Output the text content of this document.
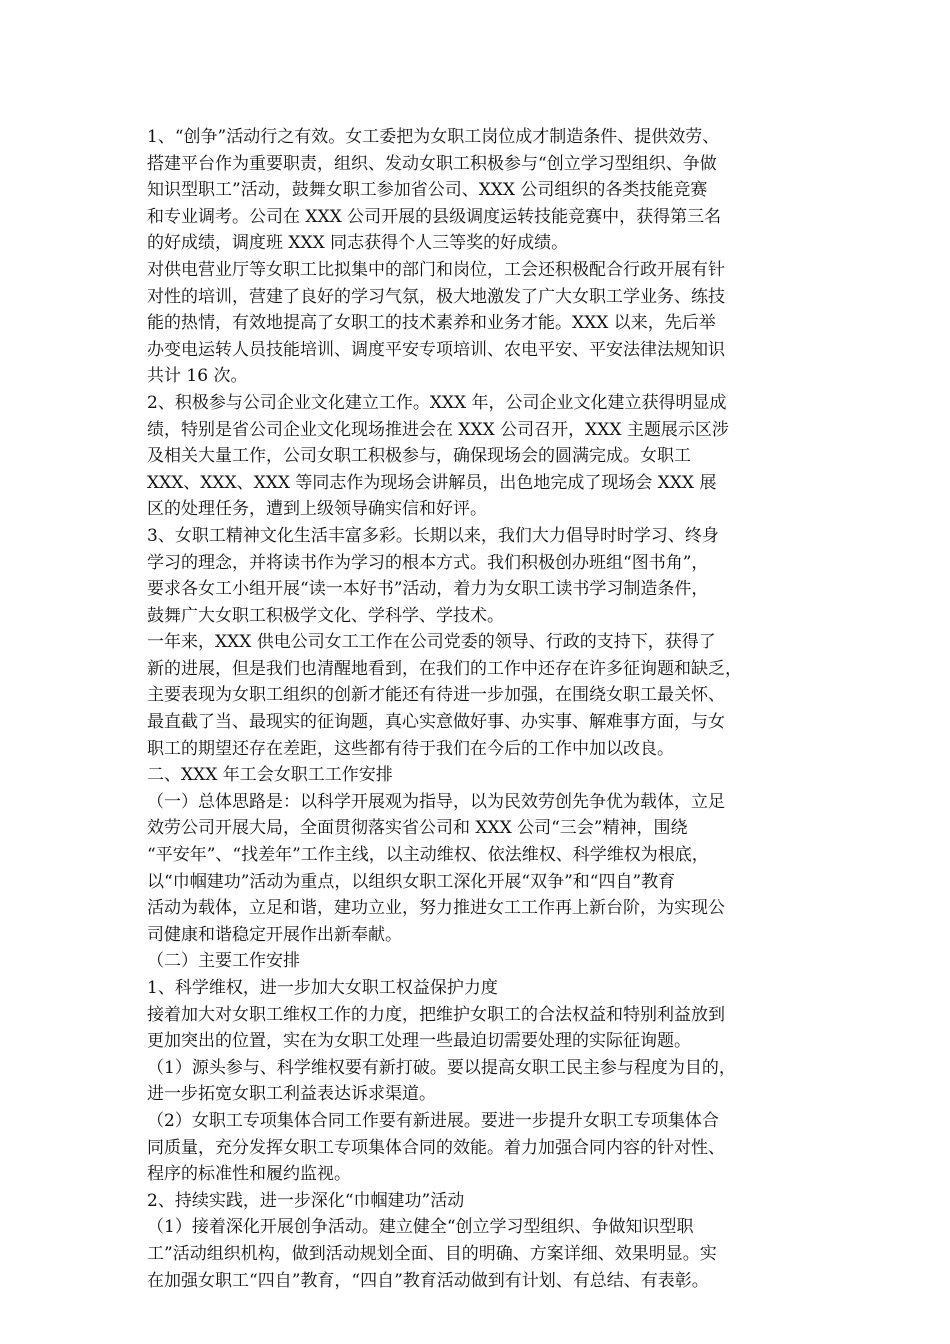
1、“创争”活动行之有效。女工委把为女职工岗位成才制造条件、提供效劳、
搭建平台作为重要职责，组织、发动女职工积极参与“创立学习型组织、争做
知识型职工”活动，鼓舞女职工参加省公司、XXX 公司组织的各类技能竞赛
和专业调考。公司在 XXX 公司开展的县级调度运转技能竞赛中，获得第三名
的好成绩，调度班 XXX 同志获得个人三等奖的好成绩。
对供电营业厅等女职工比拟集中的部门和岗位，工会还积极配合行政开展有针
对性的培训，营建了良好的学习气氛，极大地激发了广大女职工学业务、练技
能的热情，有效地提高了女职工的技术素养和业务才能。XXX 以来，先后举
办变电运转人员技能培训、调度平安专项培训、农电平安、平安法律法规知识
共计 16 次。
2、积极参与公司企业文化建立工作。XXX 年，公司企业文化建立获得明显成
绩，特别是省公司企业文化现场推进会在 XXX 公司召开，XXX 主题展示区涉
及相关大量工作，公司女职工积极参与，确保现场会的圆满完成。女职工
XXX、XXX、XXX 等同志作为现场会讲解员，出色地完成了现场会 XXX 展
区的处理任务，遭到上级领导确实信和好评。
3、女职工精神文化生活丰富多彩。长期以来，我们大力倡导时时学习、终身
学习的理念，并将读书作为学习的根本方式。我们积极创办班组“图书角”，
要求各女工小组开展“读一本好书”活动，着力为女职工读书学习制造条件，
鼓舞广大女职工积极学文化、学科学、学技术。
一年来，XXX 供电公司女工工作在公司党委的领导、行政的支持下，获得了
新的进展，但是我们也清醒地看到，在我们的工作中还存在许多征询题和缺乏，
主要表现为女职工组织的创新才能还有待进一步加强，在围绕女职工最关怀、
最直截了当、最现实的征询题，真心实意做好事、办实事、解难事方面，与女
职工的期望还存在差距，这些都有待于我们在今后的工作中加以改良。
二、XXX 年工会女职工工作安排
（一）总体思路是：以科学开展观为指导，以为民效劳创先争优为载体，立足
效劳公司开展大局，全面贯彻落实省公司和 XXX 公司“三会”精神，围绕
“平安年”、“找差年”工作主线，以主动维权、依法维权、科学维权为根底，
以“巾帼建功”活动为重点，以组织女职工深化开展“双争”和“四自”教育
活动为载体，立足和谐，建功立业，努力推进女工工作再上新台阶，为实现公
司健康和谐稳定开展作出新奉献。
（二）主要工作安排
1、科学维权，进一步加大女职工权益保护力度
接着加大对女职工维权工作的力度，把维护女职工的合法权益和特别利益放到
更加突出的位置，实在为女职工处理一些最迫切需要处理的实际征询题。
（1）源头参与、科学维权要有新打破。要以提高女职工民主参与程度为目的，
进一步拓宽女职工利益表达诉求渠道。
（2）女职工专项集体合同工作要有新进展。要进一步提升女职工专项集体合
同质量，充分发挥女职工专项集体合同的效能。着力加强合同内容的针对性、
程序的标准性和履约监视。
2、持续实践，进一步深化“巾帼建功”活动
（1）接着深化开展创争活动。建立健全“创立学习型组织、争做知识型职
工”活动组织机构，做到活动规划全面、目的明确、方案详细、效果明显。实
在加强女职工“四自”教育，“四自”教育活动做到有计划、有总结、有表彰。
